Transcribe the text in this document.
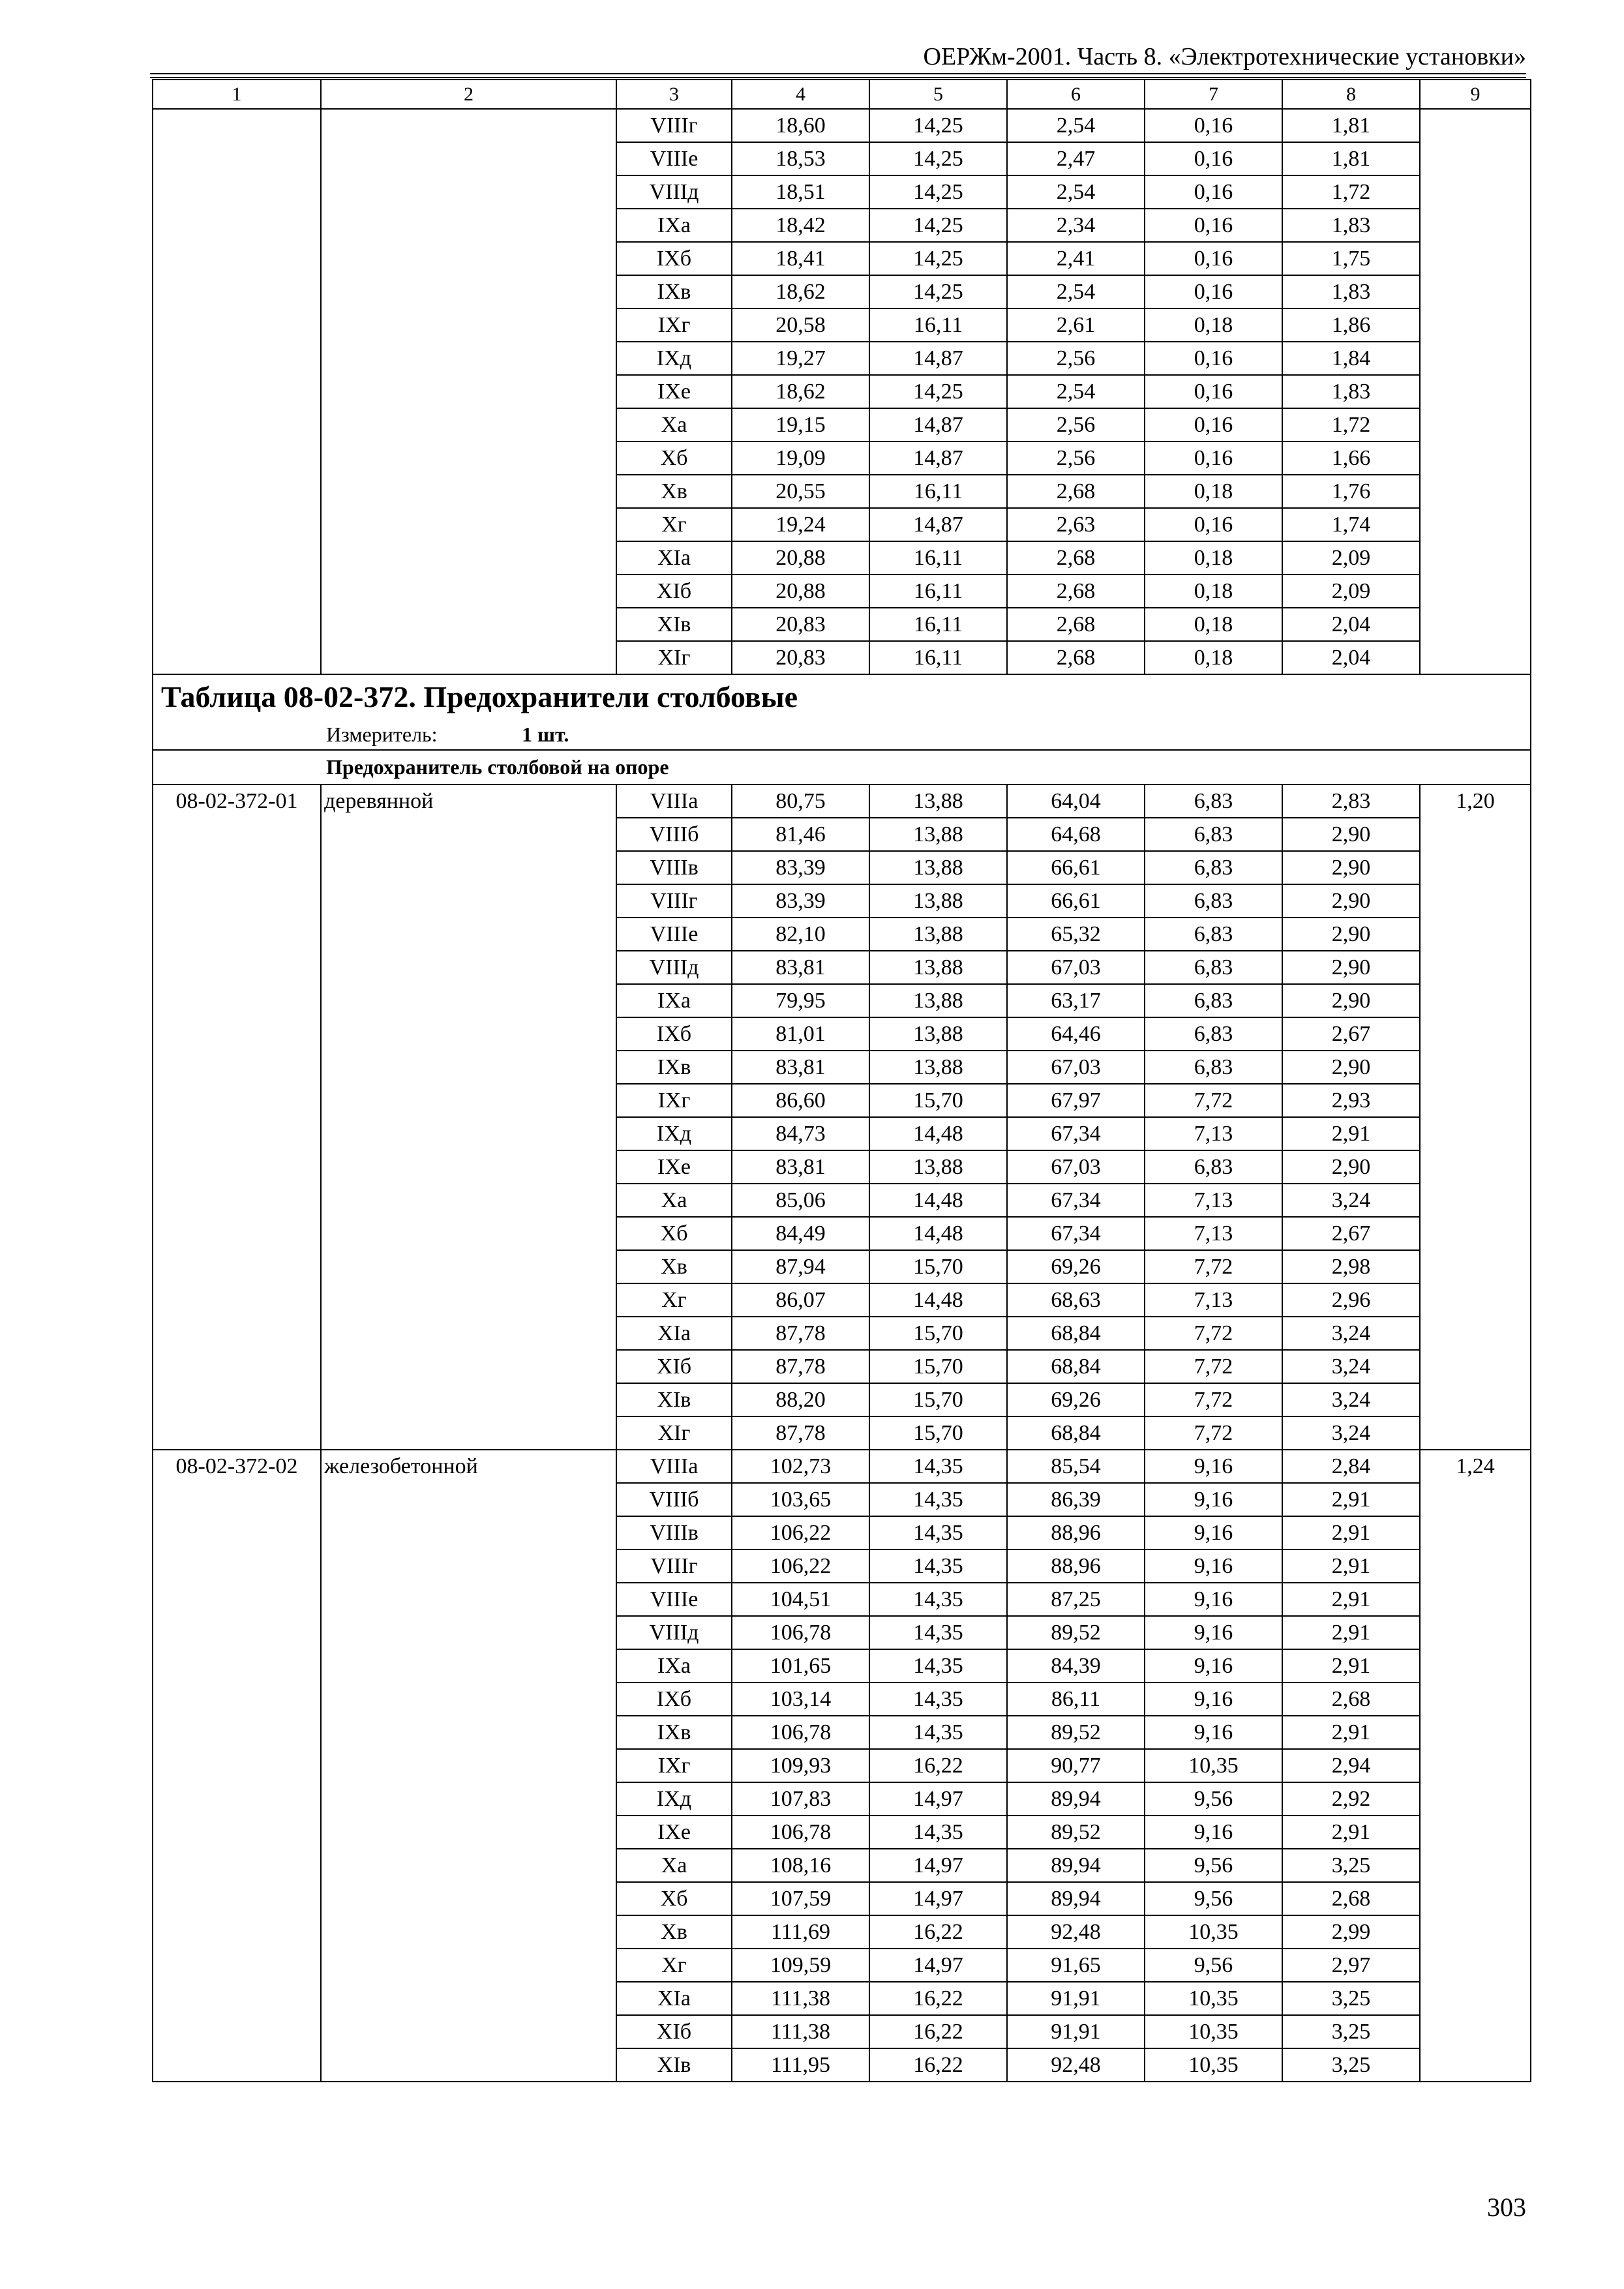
ОЕРЖм-2001. Часть 8. «Электротехнические установки»
1	2	3	4	5	6	7	8	9
		VIIIг	18,60	14,25	2,54	0,16	1,81	
		VIIIе	18,53	14,25	2,47	0,16	1,81	
		VIIIд	18,51	14,25	2,54	0,16	1,72	
		IXа	18,42	14,25	2,34	0,16	1,83	
		IXб	18,41	14,25	2,41	0,16	1,75	
		IXв	18,62	14,25	2,54	0,16	1,83	
		IXг	20,58	16,11	2,61	0,18	1,86	
		IXд	19,27	14,87	2,56	0,16	1,84	
		IXе	18,62	14,25	2,54	0,16	1,83	
		Xа	19,15	14,87	2,56	0,16	1,72	
		Xб	19,09	14,87	2,56	0,16	1,66	
		Xв	20,55	16,11	2,68	0,18	1,76	
		Xг	19,24	14,87	2,63	0,16	1,74	
		XIа	20,88	16,11	2,68	0,18	2,09	
		XIб	20,88	16,11	2,68	0,18	2,09	
		XIв	20,83	16,11	2,68	0,18	2,04	
		XIг	20,83	16,11	2,68	0,18	2,04	
Таблица 08-02-372. Предохранители столбовые								
Измеритель: 1 шт.								
Предохранитель столбовой на опоре								
08-02-372-01	деревянной	VIIIа	80,75	13,88	64,04	6,83	2,83	1,20
		VIIIб	81,46	13,88	64,68	6,83	2,90	
		VIIIв	83,39	13,88	66,61	6,83	2,90	
		VIIIг	83,39	13,88	66,61	6,83	2,90	
		VIIIе	82,10	13,88	65,32	6,83	2,90	
		VIIIд	83,81	13,88	67,03	6,83	2,90	
		IXа	79,95	13,88	63,17	6,83	2,90	
		IXб	81,01	13,88	64,46	6,83	2,67	
		IXв	83,81	13,88	67,03	6,83	2,90	
		IXг	86,60	15,70	67,97	7,72	2,93	
		IXд	84,73	14,48	67,34	7,13	2,91	
		IXе	83,81	13,88	67,03	6,83	2,90	
		Xа	85,06	14,48	67,34	7,13	3,24	
		Xб	84,49	14,48	67,34	7,13	2,67	
		Xв	87,94	15,70	69,26	7,72	2,98	
		Xг	86,07	14,48	68,63	7,13	2,96	
		XIа	87,78	15,70	68,84	7,72	3,24	
		XIб	87,78	15,70	68,84	7,72	3,24	
		XIв	88,20	15,70	69,26	7,72	3,24	
		XIг	87,78	15,70	68,84	7,72	3,24	
08-02-372-02	железобетонной	VIIIа	102,73	14,35	85,54	9,16	2,84	1,24
		VIIIб	103,65	14,35	86,39	9,16	2,91	
		VIIIв	106,22	14,35	88,96	9,16	2,91	
		VIIIг	106,22	14,35	88,96	9,16	2,91	
		VIIIе	104,51	14,35	87,25	9,16	2,91	
		VIIIд	106,78	14,35	89,52	9,16	2,91	
		IXа	101,65	14,35	84,39	9,16	2,91	
		IXб	103,14	14,35	86,11	9,16	2,68	
		IXв	106,78	14,35	89,52	9,16	2,91	
		IXг	109,93	16,22	90,77	10,35	2,94	
		IXд	107,83	14,97	89,94	9,56	2,92	
		IXе	106,78	14,35	89,52	9,16	2,91	
		Xа	108,16	14,97	89,94	9,56	3,25	
		Xб	107,59	14,97	89,94	9,56	2,68	
		Xв	111,69	16,22	92,48	10,35	2,99	
		Xг	109,59	14,97	91,65	9,56	2,97	
		XIа	111,38	16,22	91,91	10,35	3,25	
		XIб	111,38	16,22	91,91	10,35	3,25	
		XIв	111,95	16,22	92,48	10,35	3,25	
303
